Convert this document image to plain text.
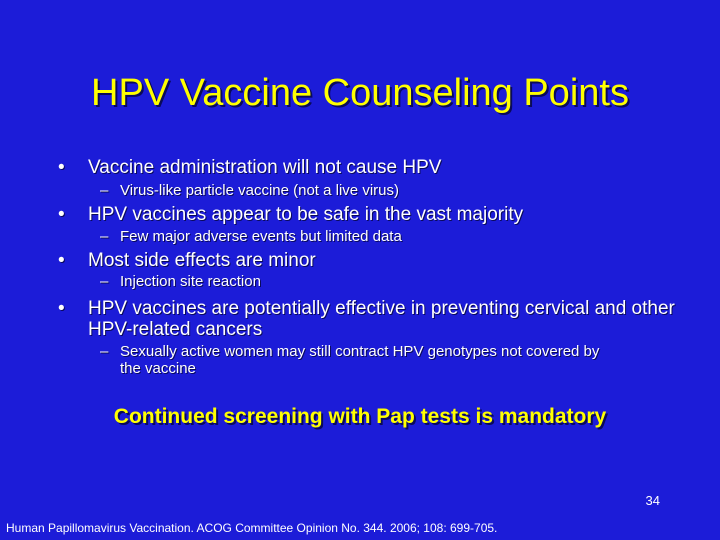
HPV Vaccine Counseling Points
• Vaccine administration will not cause HPV
– Virus-like particle vaccine (not a live virus)
• HPV vaccines appear to be safe in the vast majority
– Few major adverse events but limited data
• Most side effects are minor
– Injection site reaction
• HPV vaccines are potentially effective in preventing cervical and other HPV-related cancers
– Sexually active women may still contract HPV genotypes not covered by the vaccine
Continued screening with Pap tests is mandatory
34
Human Papillomavirus Vaccination. ACOG Committee Opinion No. 344. 2006; 108: 699-705.
